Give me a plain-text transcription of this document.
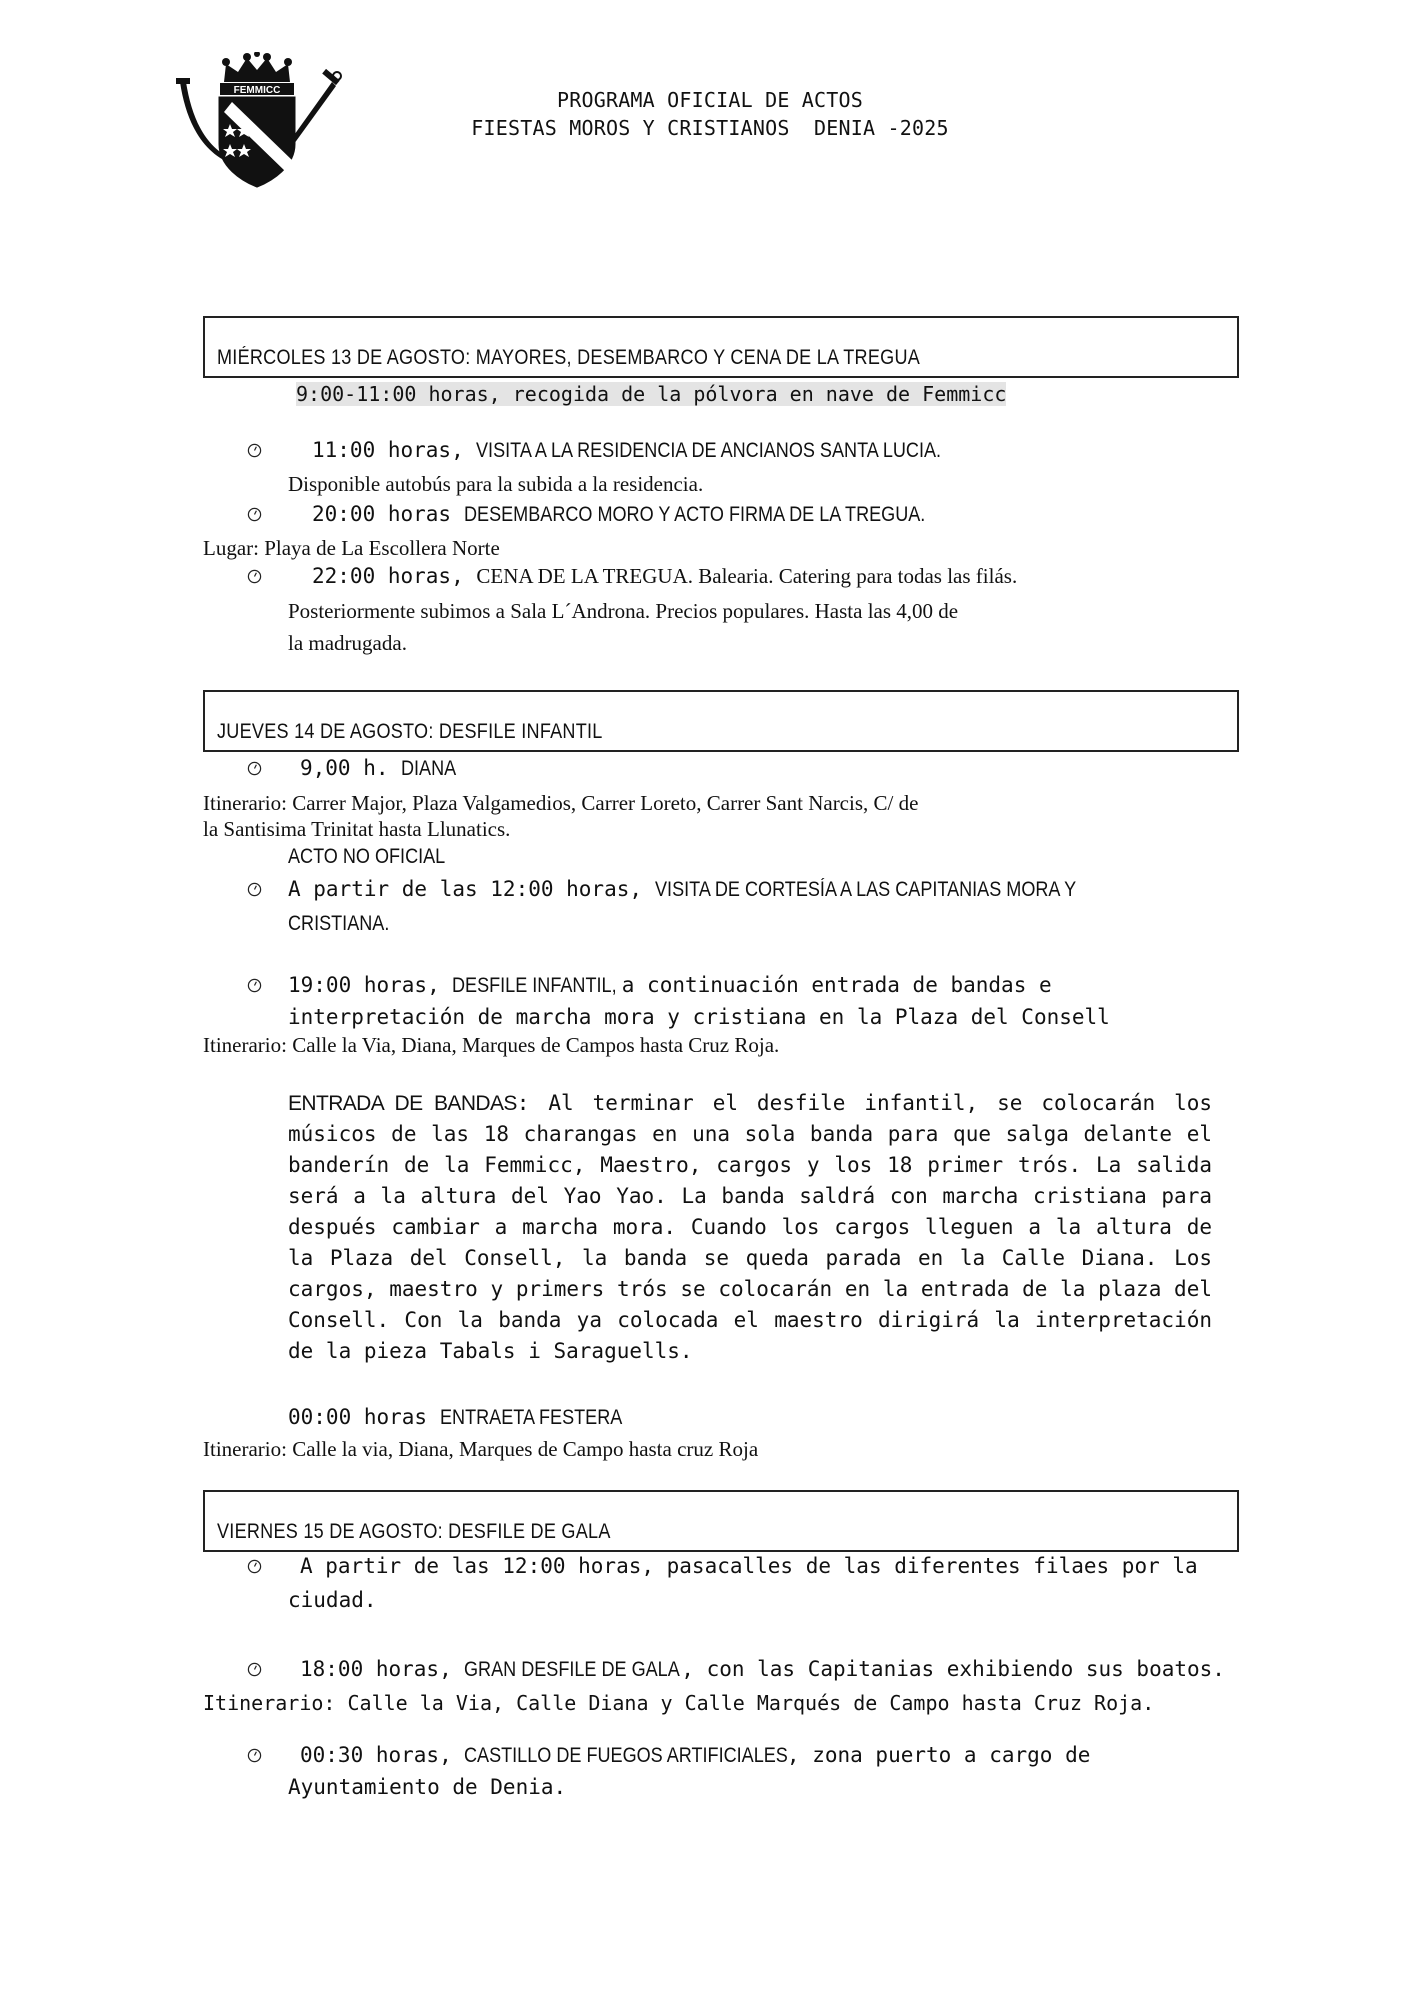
FEMMICC	PROGRAMA OFICIAL DE ACTOS
FIESTAS MOROS Y CRISTIANOS  DENIA -2025
MIÉRCOLES 13 DE AGOSTO: MAYORES, DESEMBARCO Y CENA DE LA TREGUA
9:00-11:00 horas, recogida de la pólvora en nave de Femmicc
11:00 horas, VISITA A LA RESIDENCIA DE ANCIANOS SANTA LUCIA.
Disponible autobús para la subida a la residencia.
20:00 horas DESEMBARCO MORO Y ACTO FIRMA DE LA TREGUA.
Lugar: Playa de La Escollera Norte
22:00 horas, CENA DE LA TREGUA. Balearia. Catering para todas las filás.
Posteriormente subimos a Sala L´Androna. Precios populares. Hasta las 4,00 de
la madrugada.
JUEVES 14 DE AGOSTO: DESFILE INFANTIL
9,00 h. DIANA
Itinerario: Carrer Major, Plaza Valgamedios, Carrer Loreto, Carrer Sant Narcis, C/ de
la Santisima Trinitat hasta Llunatics.
ACTO NO OFICIAL
A partir de las 12:00 horas, VISITA DE CORTESÍA A LAS CAPITANIAS MORA Y
CRISTIANA.
19:00 horas, DESFILE INFANTIL,a continuación entrada de bandas e
interpretación de marcha mora y cristiana en la Plaza del Consell
Itinerario: Calle la Via, Diana, Marques de Campos hasta Cruz Roja.
ENTRADA DE BANDAS: Al terminar el desfile infantil, se colocarán los músicos de las 18 charangas en una sola banda para que salga delante el banderín de la Femmicc, Maestro, cargos y los 18 primer trós. La salida será a la altura del Yao Yao. La banda saldrá con marcha cristiana para después cambiar a marcha mora. Cuando los cargos lleguen a la altura de la Plaza del Consell, la banda se queda parada en la Calle Diana. Los cargos, maestro y primers trós se colocarán en la entrada de la plaza del Consell. Con la banda ya colocada el maestro dirigirá la interpretación de la pieza Tabals i Saraguells.
00:00 horas ENTRAETA FESTERA
Itinerario: Calle la via, Diana, Marques de Campo hasta cruz Roja
VIERNES 15 DE AGOSTO: DESFILE DE GALA
A partir de las 12:00 horas, pasacalles de las diferentes filaes por la
ciudad.
18:00 horas, GRAN DESFILE DE GALA, con las Capitanias exhibiendo sus boatos.
Itinerario: Calle la Via, Calle Diana y Calle Marqués de Campo hasta Cruz Roja.
00:30 horas, CASTILLO DE FUEGOS ARTIFICIALES, zona puerto a cargo de
Ayuntamiento de Denia.
